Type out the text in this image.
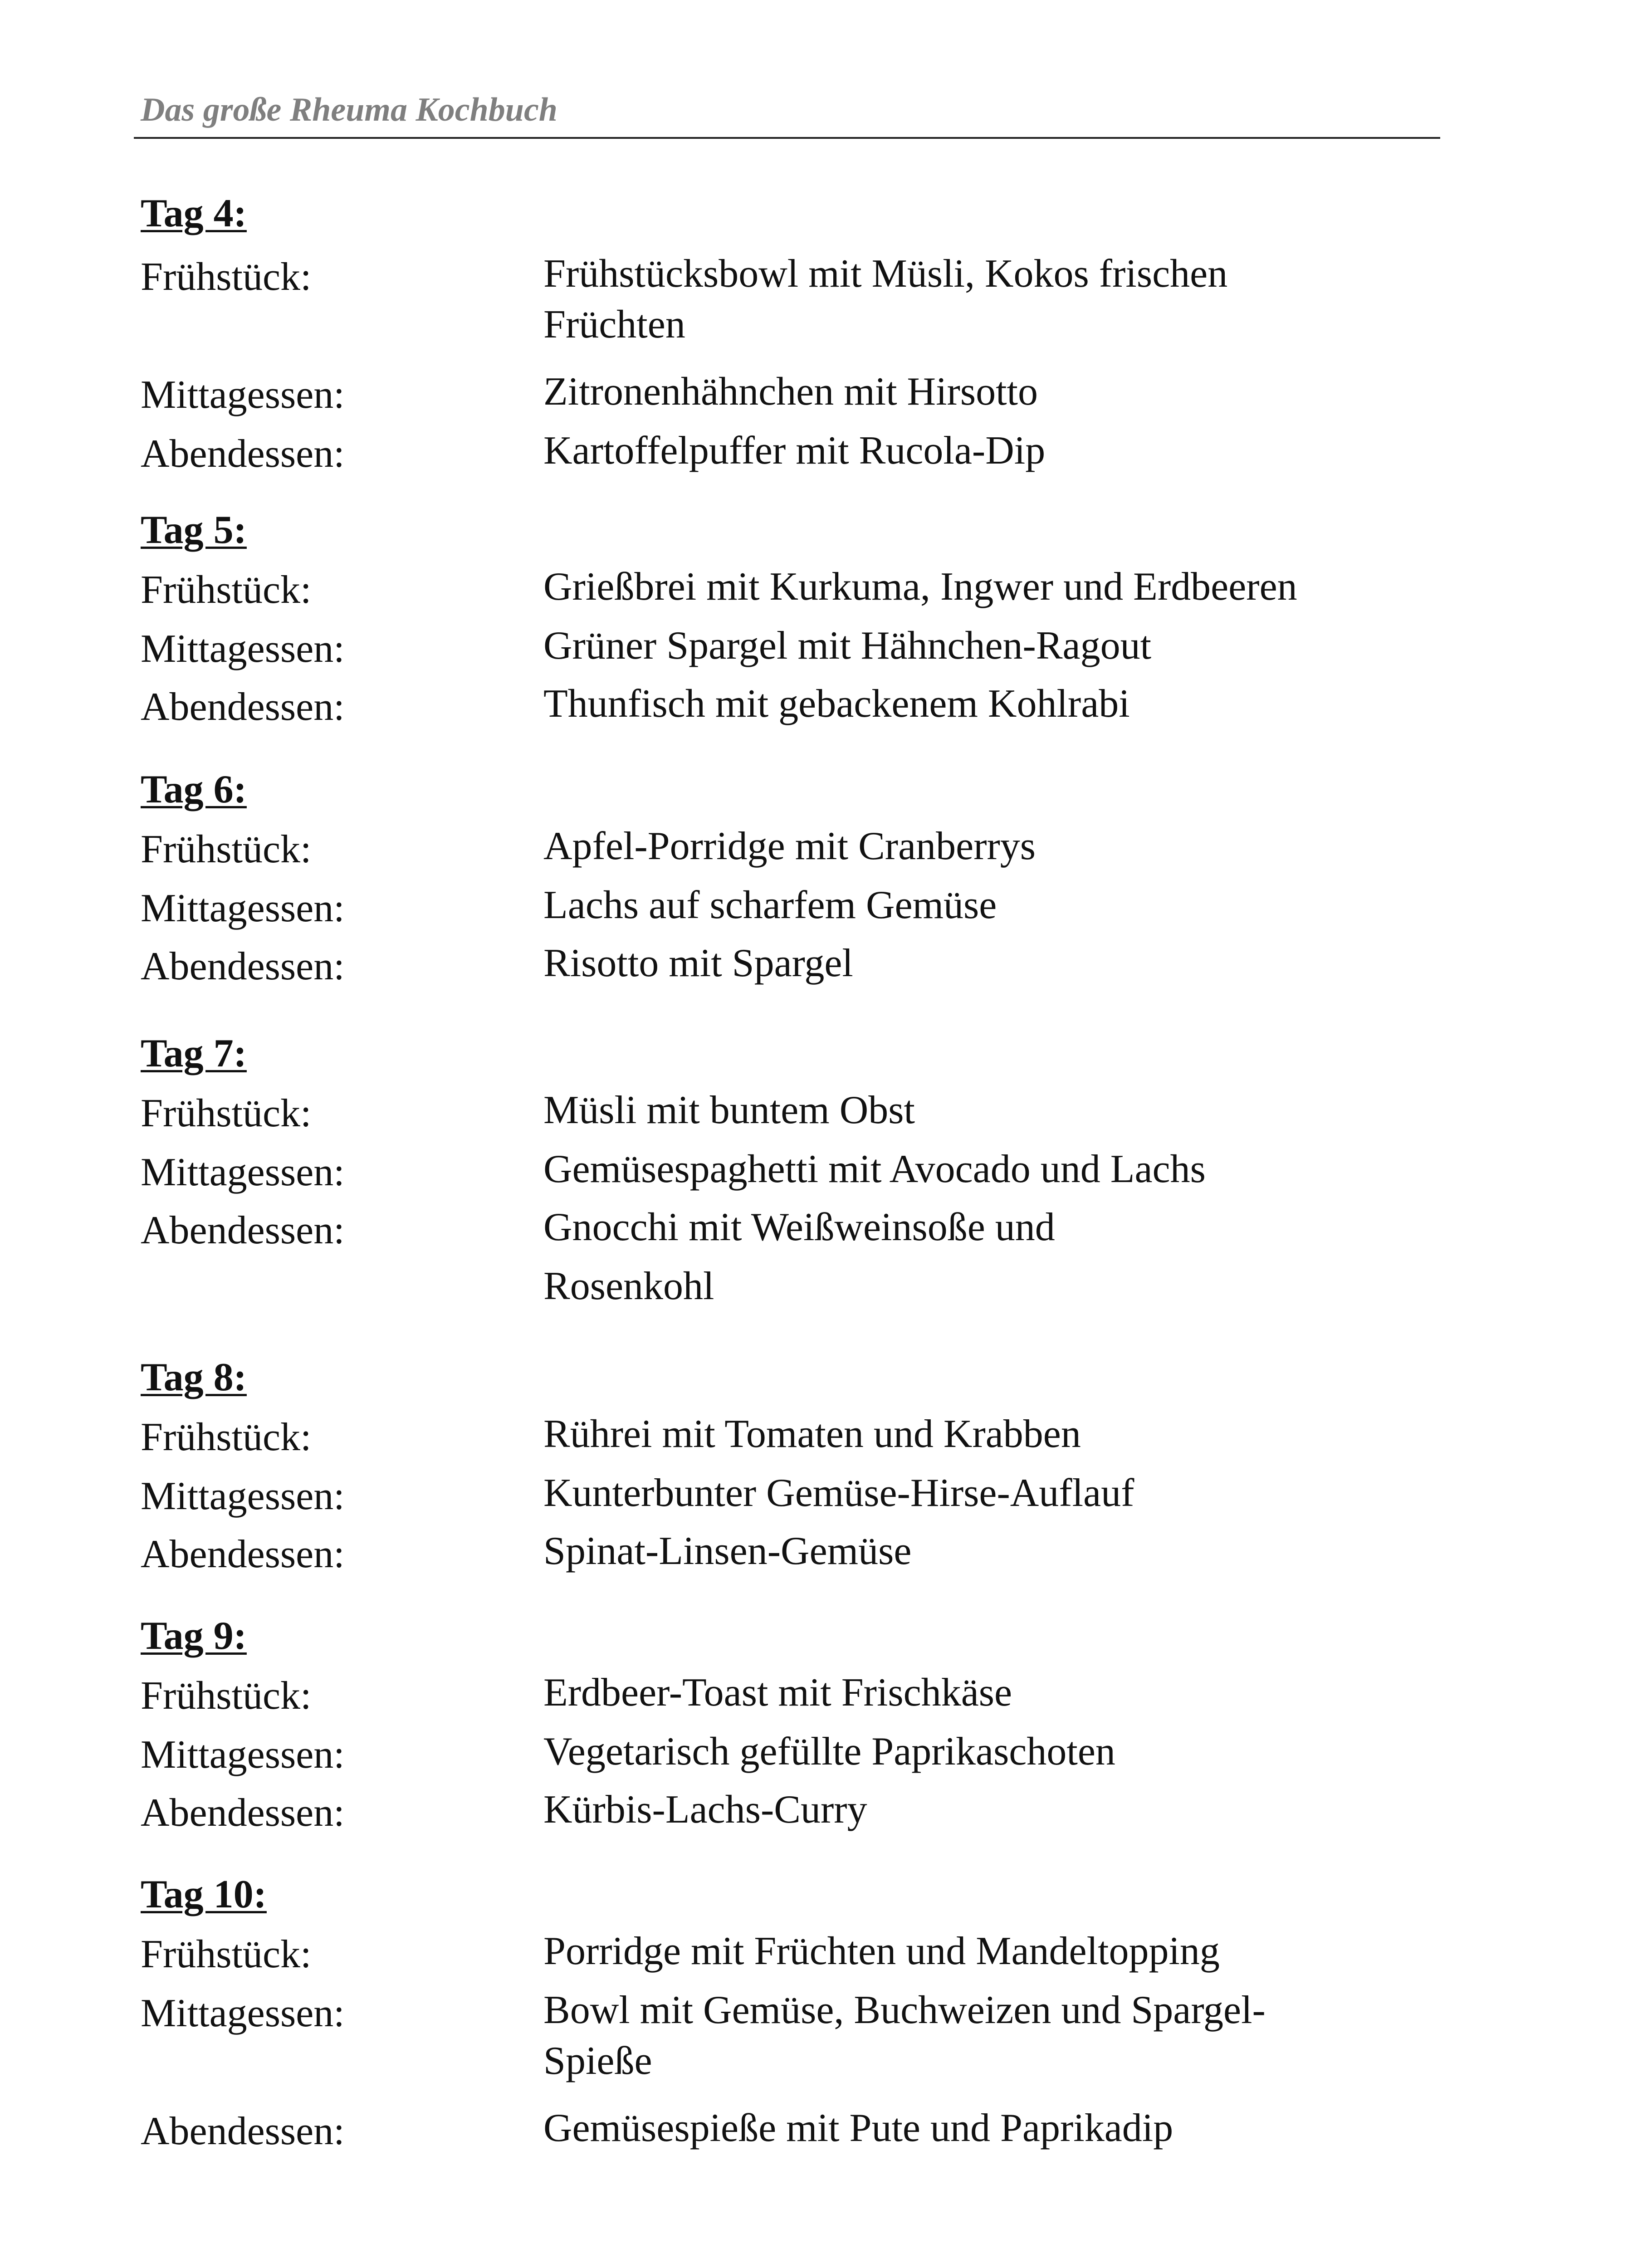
Das große Rheuma Kochbuch
Tag 4:
Frühstück:	Frühstücksbowl mit Müsli, Kokos frischen
Früchten
Mittagessen:	Zitronenhähnchen mit Hirsotto
Abendessen:	Kartoffelpuffer mit Rucola-Dip
Tag 5:
Frühstück:	Grießbrei mit Kurkuma, Ingwer und Erdbeeren
Mittagessen:	Grüner Spargel mit Hähnchen-Ragout
Abendessen:	Thunfisch mit gebackenem Kohlrabi
Tag 6:
Frühstück:	Apfel-Porridge mit Cranberrys
Mittagessen:	Lachs auf scharfem Gemüse
Abendessen:	Risotto mit Spargel
Tag 7:
Frühstück:	Müsli mit buntem Obst
Mittagessen:	Gemüsespaghetti mit Avocado und Lachs
Abendessen:	Gnocchi mit Weißweinsoße und
Rosenkohl
Tag 8:
Frühstück:	Rührei mit Tomaten und Krabben
Mittagessen:	Kunterbunter Gemüse-Hirse-Auflauf
Abendessen:	Spinat-Linsen-Gemüse
Tag 9:
Frühstück:	Erdbeer-Toast mit Frischkäse
Mittagessen:	Vegetarisch gefüllte Paprikaschoten
Abendessen:	Kürbis-Lachs-Curry
Tag 10:
Frühstück:	Porridge mit Früchten und Mandeltopping
Mittagessen:	Bowl mit Gemüse, Buchweizen und Spargel-
Spieße
Abendessen:	Gemüsespieße mit Pute und Paprikadip
